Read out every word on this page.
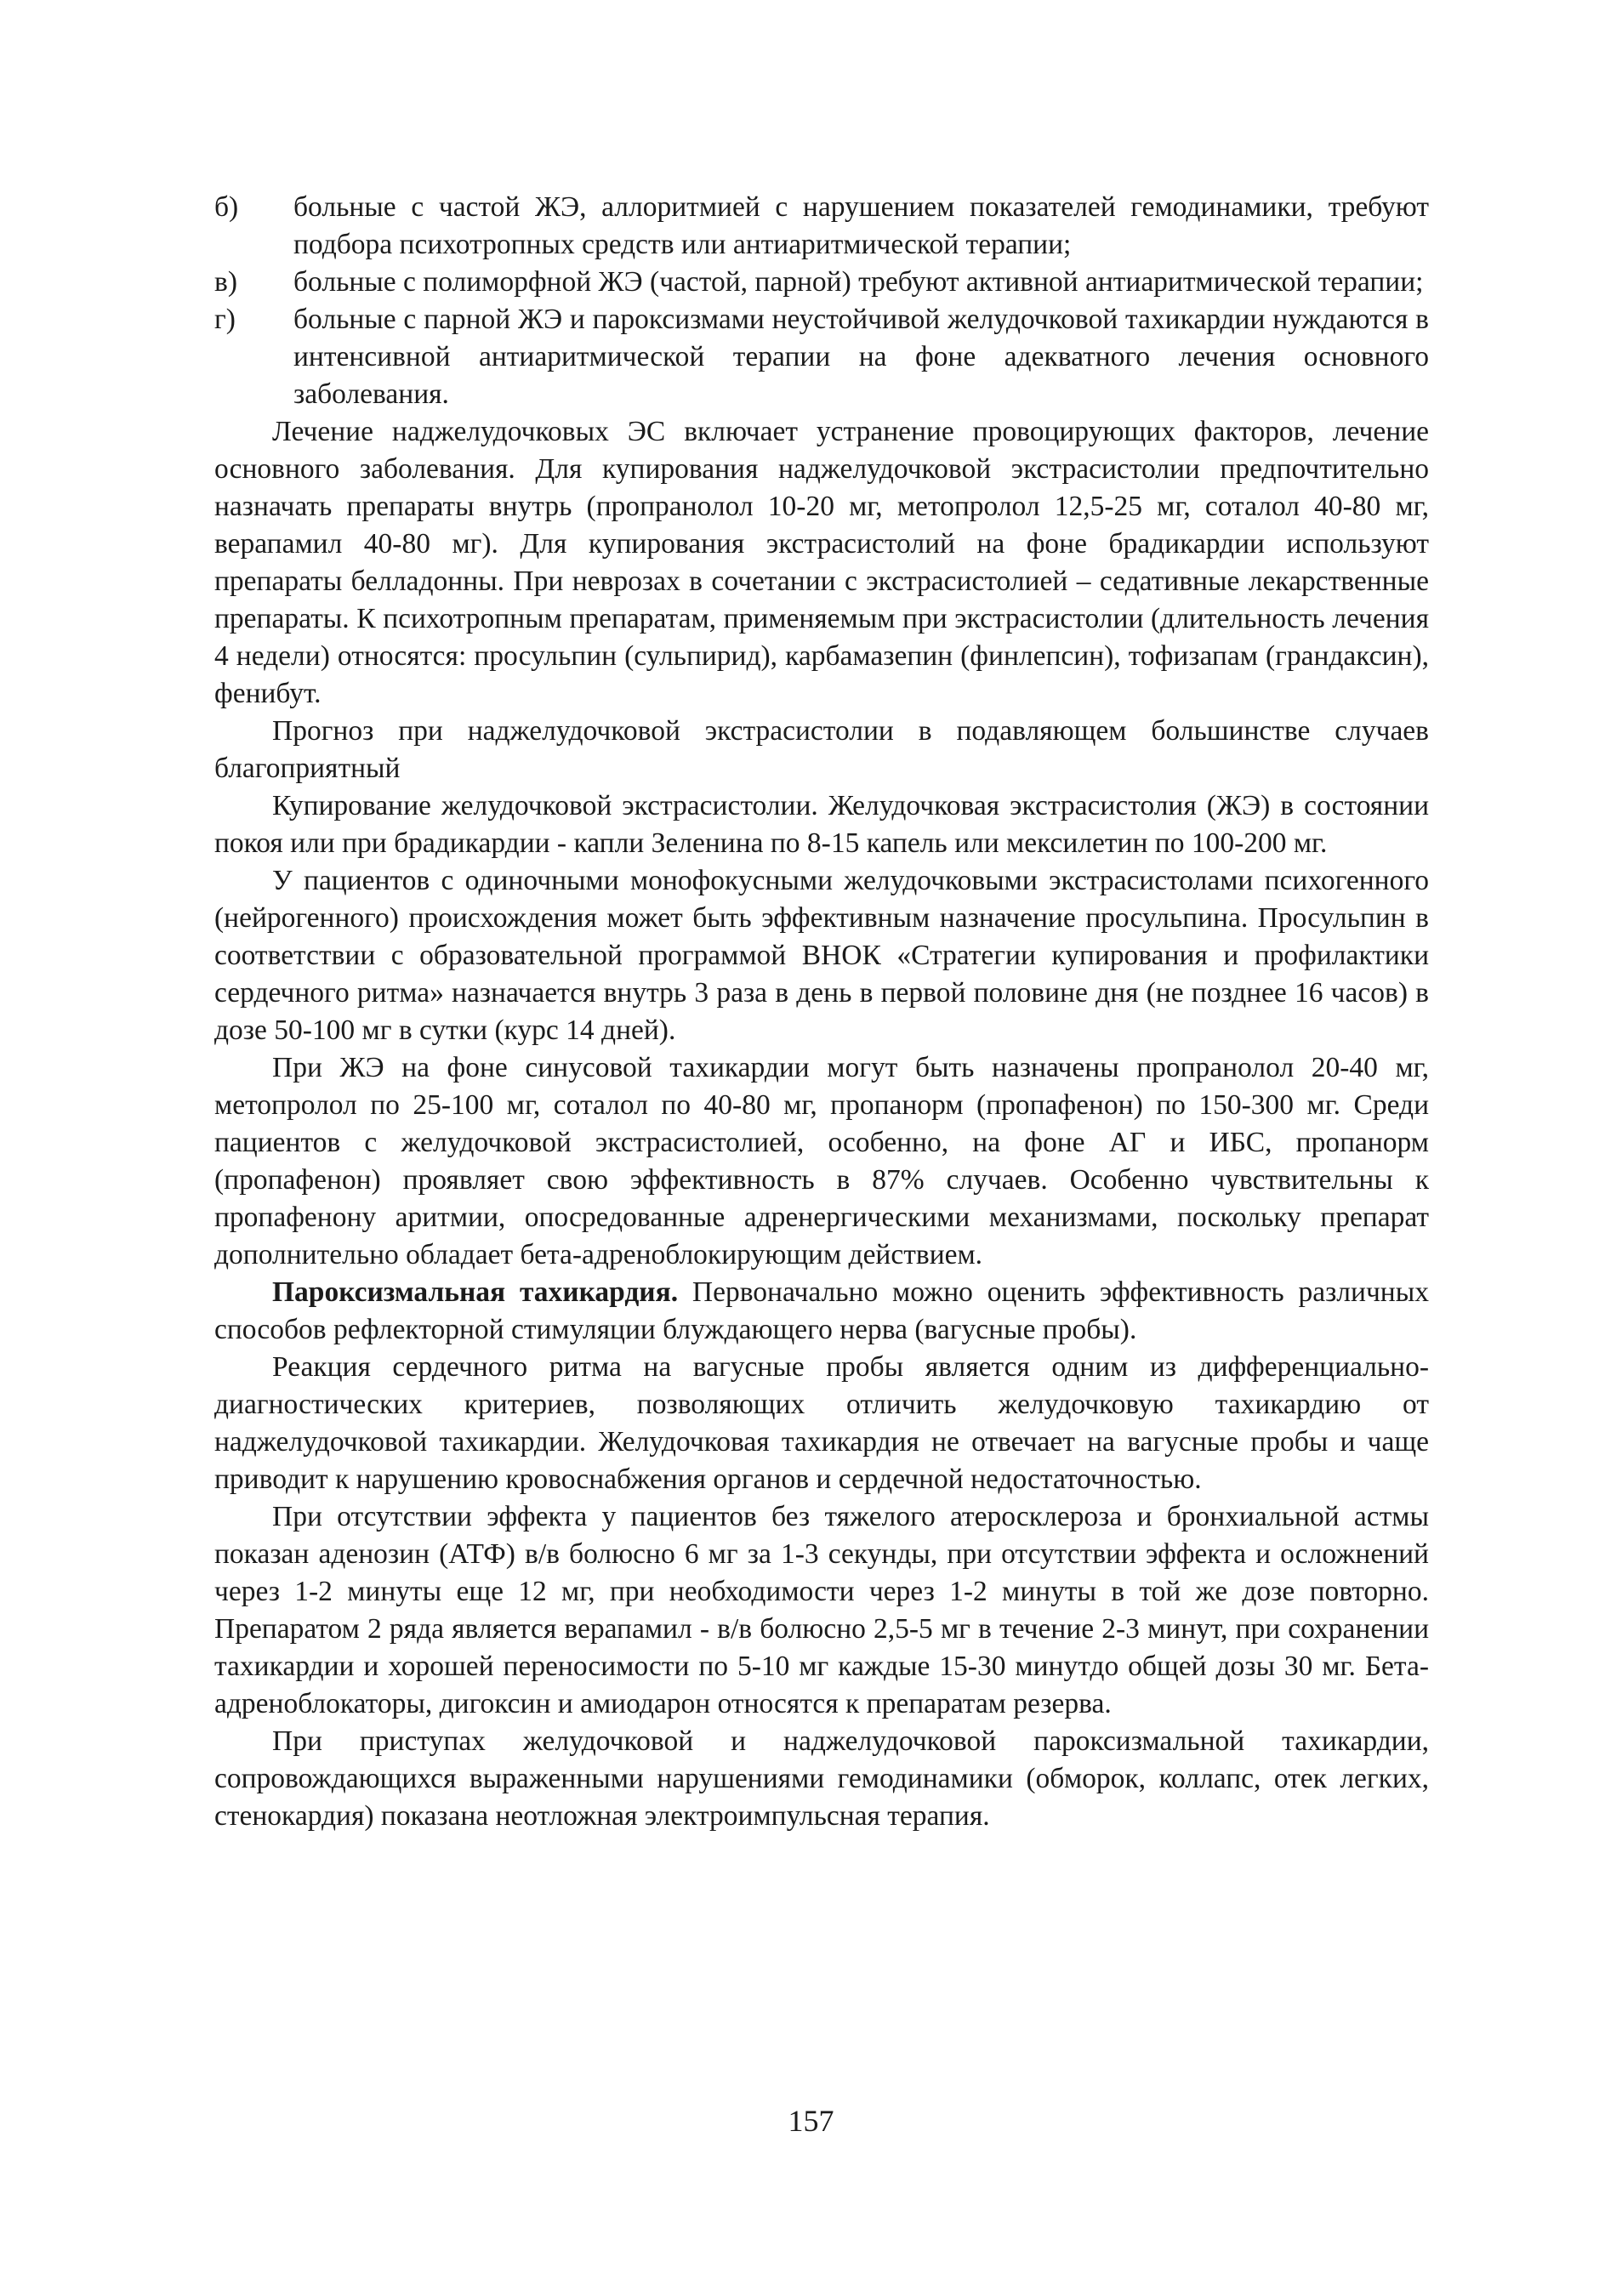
б)	больные с частой ЖЭ, аллоритмией с нарушением показателей гемодинамики, требуют подбора психотропных средств или антиаритмической терапии;
в)	больные с полиморфной ЖЭ (частой, парной) требуют активной антиаритмической терапии;
г)	больные с парной ЖЭ и пароксизмами неустойчивой желудочковой тахикардии нуждаются в интенсивной антиаритмической терапии на фоне адекватного лечения основного заболевания.

Лечение наджелудочковых ЭС включает устранение провоцирующих факторов, лечение основного заболевания. Для купирования наджелудочковой экстрасистолии предпочтительно назначать препараты внутрь (пропранолол 10-20 мг, метопролол 12,5-25 мг, соталол 40-80 мг, верапамил 40-80 мг). Для купирования экстрасистолий на фоне брадикардии используют препараты белладонны. При неврозах в сочетании с экстрасистолией – седативные лекарственные препараты. К психотропным препаратам, применяемым при экстрасистолии (длительность лечения 4 недели) относятся: просульпин (сульпирид), карбамазепин (финлепсин), тофизапам (грандаксин), фенибут.

Прогноз при наджелудочковой экстрасистолии в подавляющем большинстве случаев благоприятный

Купирование желудочковой экстрасистолии. Желудочковая экстрасистолия (ЖЭ) в состоянии покоя или при брадикардии - капли Зеленина по 8-15 капель или мексилетин по 100-200 мг.

У пациентов с одиночными монофокусными желудочковыми экстрасистолами психогенного (нейрогенного) происхождения может быть эффективным назначение просульпина. Просульпин в соответствии с образовательной программой ВНОК «Стратегии купирования и профилактики сердечного ритма» назначается внутрь 3 раза в день в первой половине дня (не позднее 16 часов) в дозе 50-100 мг в сутки (курс 14 дней).

При ЖЭ на фоне синусовой тахикардии могут быть назначены пропранолол 20-40 мг, метопролол по 25-100 мг, соталол по 40-80 мг, пропанорм (пропафенон) по 150-300 мг. Среди пациентов с желудочковой экстрасистолией, особенно, на фоне АГ и ИБС, пропанорм (пропафенон) проявляет свою эффективность в 87% случаев. Особенно чувствительны к пропафенону аритмии, опосредованные адренергическими механизмами, поскольку препарат дополнительно обладает бета-адреноблокирующим действием.

Пароксизмальная тахикардия. Первоначально можно оценить эффективность различных способов рефлекторной стимуляции блуждающего нерва (вагусные пробы).

Реакция сердечного ритма на вагусные пробы является одним из дифференциально-диагностических критериев, позволяющих отличить желудочковую тахикардию от наджелудочковой тахикардии. Желудочковая тахикардия не отвечает на вагусные пробы и чаще приводит к нарушению кровоснабжения органов и сердечной недостаточностью.

При отсутствии эффекта у пациентов без тяжелого атеросклероза и бронхиальной астмы показан аденозин (АТФ) в/в болюсно 6 мг за 1-3 секунды, при отсутствии эффекта и осложнений через 1-2 минуты еще 12 мг, при необходимости через 1-2 минуты в той же дозе повторно. Препаратом 2 ряда является верапамил - в/в болюсно 2,5-5 мг в течение 2-3 минут, при сохранении тахикардии и хорошей переносимости по 5-10 мг каждые 15-30 минутдо общей дозы 30 мг. Бета-адреноблокаторы, дигоксин и амиодарон относятся к препаратам резерва.

При приступах желудочковой и наджелудочковой пароксизмальной тахикардии, сопровождающихся выраженными нарушениями гемодинамики (обморок, коллапс, отек легких, стенокардия) показана неотложная электроимпульсная терапия.

157
